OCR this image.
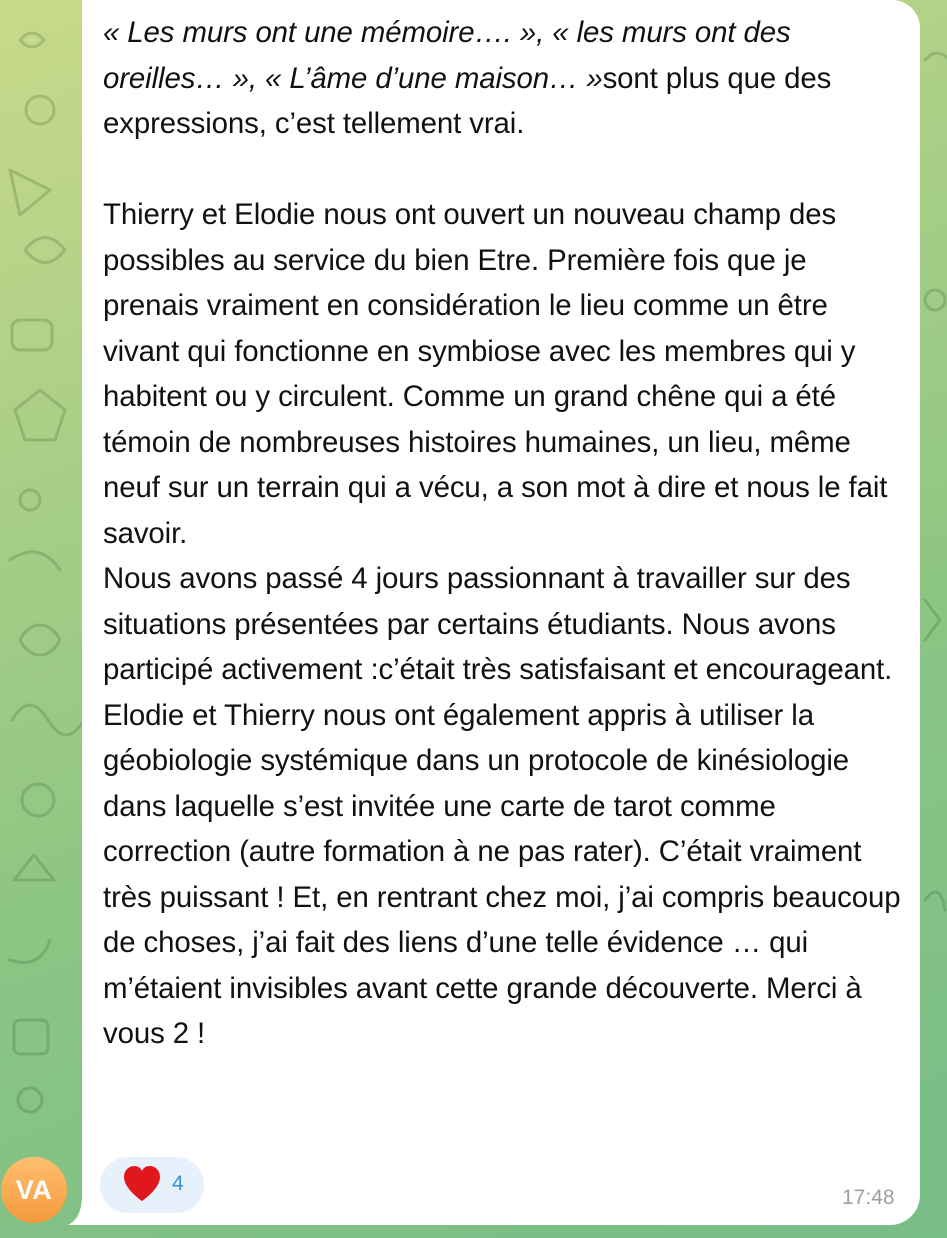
« Les murs ont une mémoire…. », « les murs ont des oreilles… », « L’âme d’une maison… »sont plus que des expressions, c’est tellement vrai.

Thierry et Elodie nous ont ouvert un nouveau champ des possibles au service du bien Etre. Première fois que je prenais vraiment en considération le lieu comme un être vivant qui fonctionne en symbiose avec les membres qui y habitent ou y circulent. Comme un grand chêne qui a été témoin de nombreuses histoires humaines, un lieu, même neuf sur un terrain qui a vécu, a son mot à dire et nous le fait savoir.
Nous avons passé 4 jours passionnant à travailler sur des situations présentées par certains étudiants. Nous avons participé activement :c’était très satisfaisant et encourageant. Elodie et Thierry nous ont également appris à utiliser la géobiologie systémique dans un protocole de kinésiologie dans laquelle s’est invitée une carte de tarot comme correction (autre formation à ne pas rater). C’était vraiment très puissant ! Et, en rentrant chez moi, j’ai compris beaucoup de choses, j’ai fait des liens d’une telle évidence … qui m’étaient invisibles avant cette grande découverte. Merci à vous 2 !

4
17:48
VA
